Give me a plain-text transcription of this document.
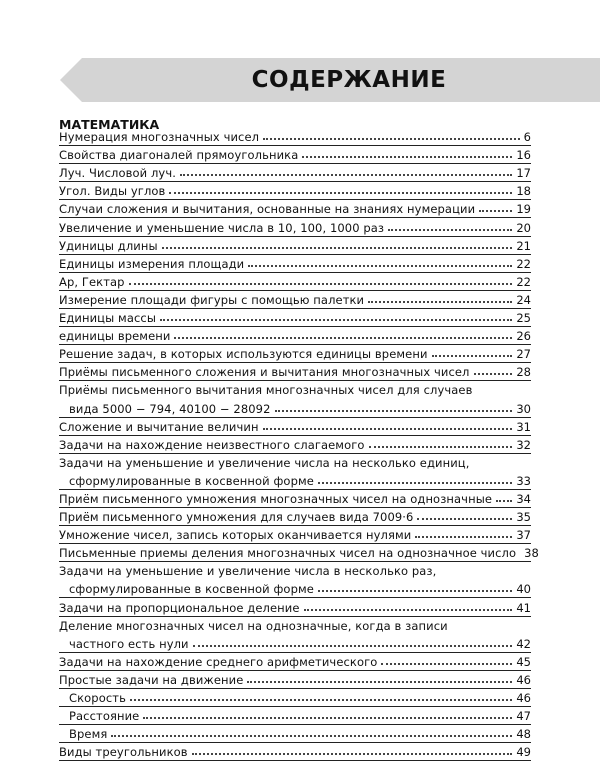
СОДЕРЖАНИЕ
МАТЕМАТИКА
Нумерация многозначных чисел	6
Свойства диагоналей прямоугольника	16
Луч. Числовой луч.	17
Угол. Виды углов	18
Случаи сложения и вычитания, основанные на знаниях нумерации	19
Увеличение и уменьшение числа в 10, 100, 1000 раз	20
Удиницы длины	21
Единицы измерения площади	22
Ар, Гектар	22
Измерение площади фигуры с помощью палетки	24
Единицы массы	25
единицы времени	26
Решение задач, в которых используются единицы времени	27
Приёмы письменного сложения и вычитания многозначных чисел	28
Приёмы письменного вычитания многозначных чисел для случаев
вида 5000 − 794, 40100 − 28092	30
Сложение и вычитание величин	31
Задачи на нахождение неизвестного слагаемого	32
Задачи на уменьшение и увеличение числа на несколько единиц,
сформулированные в косвенной форме	33
Приём письменного умножения многозначных чисел на однозначные 34
Приём письменного умножения для случаев вида 7009·6	35
Умножение чисел, запись которых оканчивается нулями	37
Письменные приемы деления многозначных чисел на однозначное число 38
Задачи на уменьшение и увеличение числа в несколько раз,
сформулированные в косвенной форме	40
Задачи на пропорциональное деление	41
Деление многозначных чисел на однозначные, когда в записи
частного есть нули	42
Задачи на нахождение среднего арифметического	45
Простые задачи на движение	46
Скорость	46
Расстояние	47
Время	48
Виды треугольников	49
